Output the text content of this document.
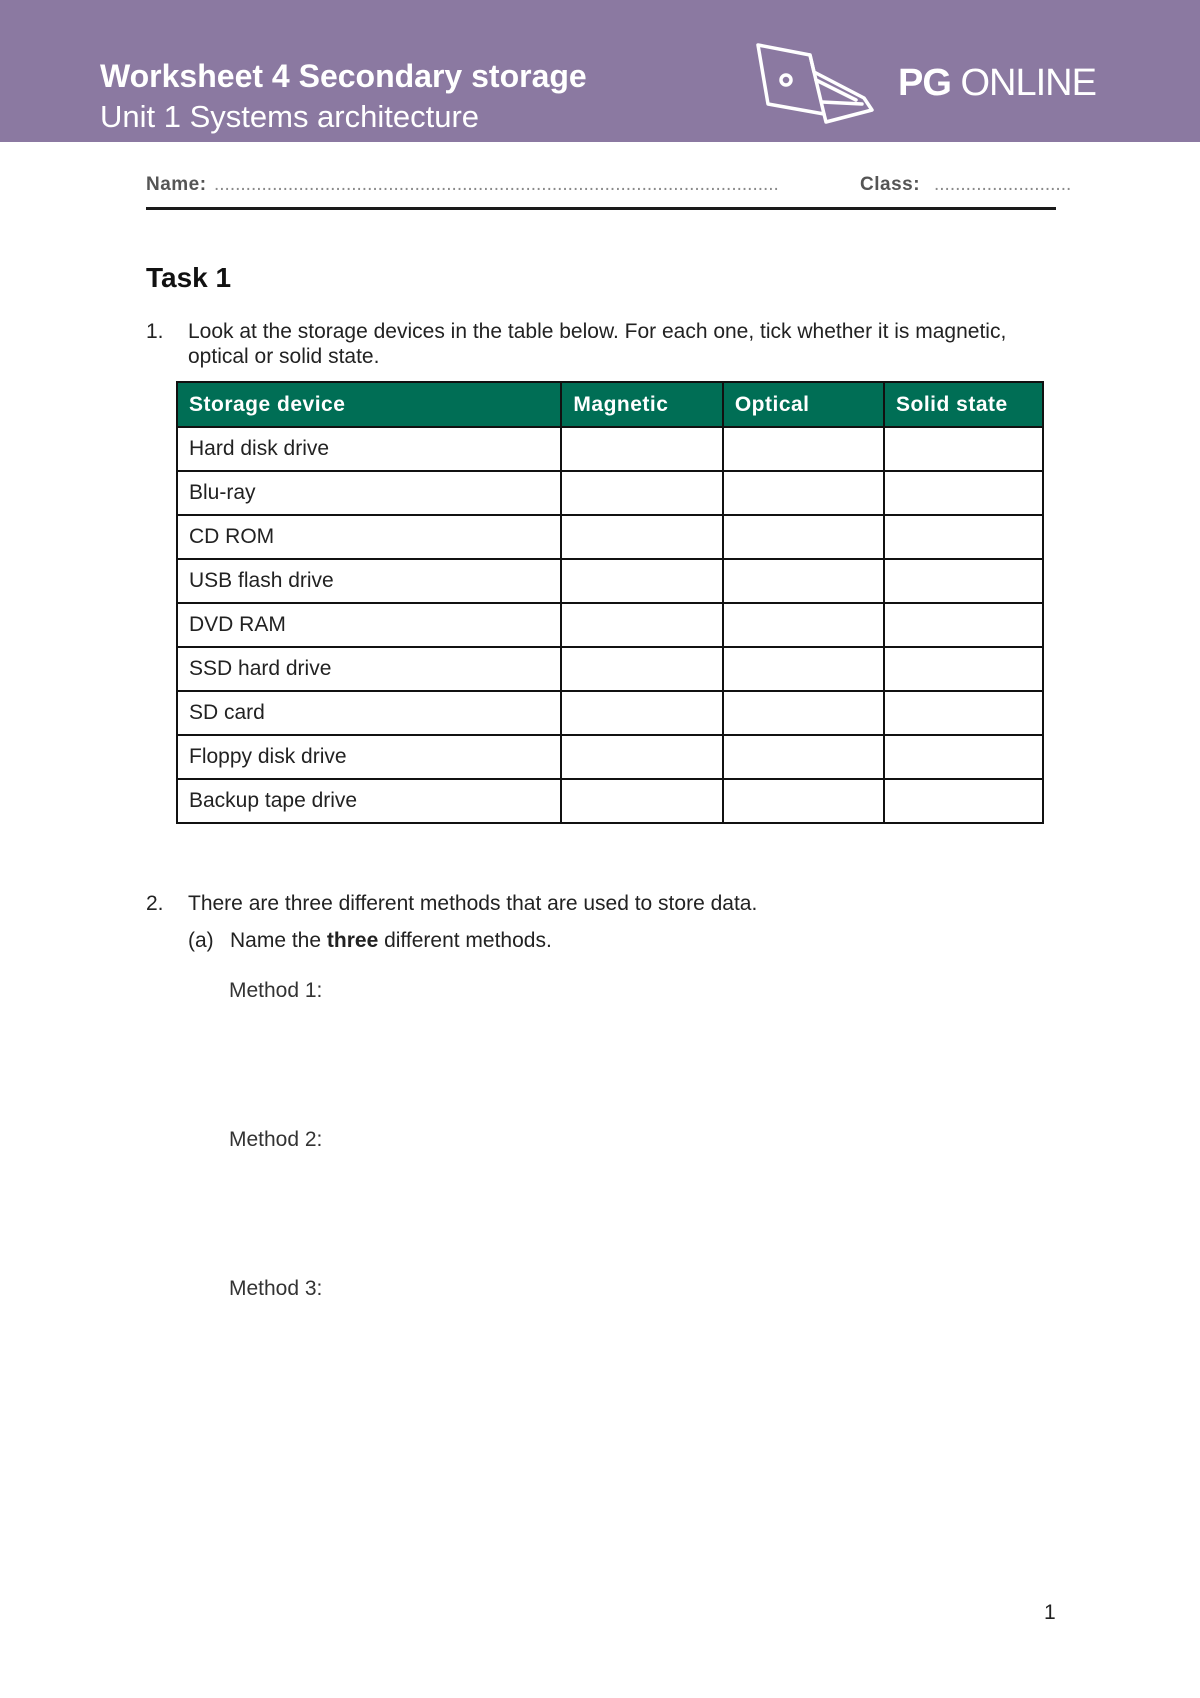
Worksheet 4 Secondary storage
Unit 1 Systems architecture
PG ONLINE
Name: ...........................................................................................................	Class: ..........................
Task 1
1. Look at the storage devices in the table below. For each one, tick whether it is magnetic,
optical or solid state.
Storage device	Magnetic	Optical	Solid state
Hard disk drive			
Blu-ray			
CD ROM			
USB flash drive			
DVD RAM			
SSD hard drive			
SD card			
Floppy disk drive			
Backup tape drive			
2. There are three different methods that are used to store data.
(a) Name the three different methods.
Method 1:
Method 2:
Method 3:
1
